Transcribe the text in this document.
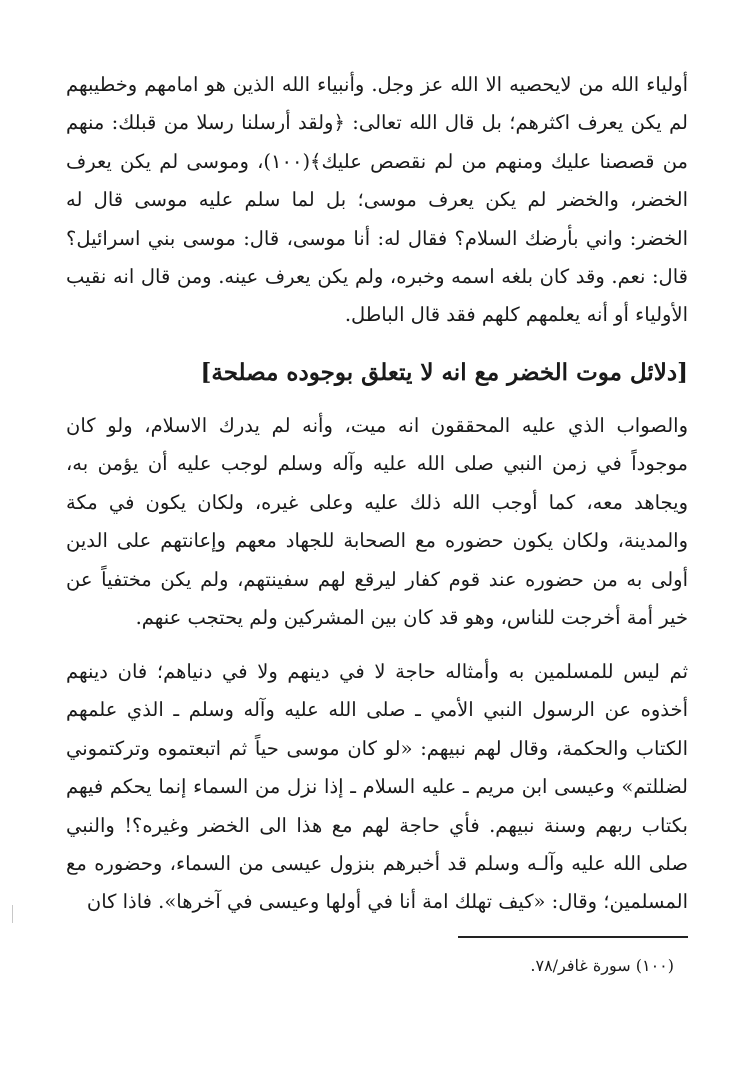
أولياء الله من لايحصيه الا الله عز وجل. وأنبياء الله الذين هو امامهم وخطيبهم لم يكن يعرف اكثرهم؛ بل قال الله تعالى: ﴿ولقد أرسلنا رسلا من قبلك: منهم من قصصنا عليك ومنهم من لم نقصص عليك﴾(١٠٠)، وموسى لم يكن يعرف الخضر، والخضر لم يكن يعرف موسى؛ بل لما سلم عليه موسى قال له الخضر: واني بأرضك السلام؟ فقال له: أنا موسى، قال: موسى بني اسرائيل؟ قال: نعم. وقد كان بلغه اسمه وخبره، ولم يكن يعرف عينه. ومن قال انه نقيب الأولياء أو أنه يعلمهم كلهم فقد قال الباطل.

[دلائل موت الخضر مع انه لا يتعلق بوجوده مصلحة]

والصواب الذي عليه المحققون انه ميت، وأنه لم يدرك الاسلام، ولو كان موجوداً في زمن النبي صلى الله عليه وآله وسلم لوجب عليه أن يؤمن به، ويجاهد معه، كما أوجب الله ذلك عليه وعلى غيره، ولكان يكون في مكة والمدينة، ولكان يكون حضوره مع الصحابة للجهاد معهم وإعانتهم على الدين أولى به من حضوره عند قوم كفار ليرقع لهم سفينتهم، ولم يكن مختفياً عن خير أمة أخرجت للناس، وهو قد كان بين المشركين ولم يحتجب عنهم.

ثم ليس للمسلمين به وأمثاله حاجة لا في دينهم ولا في دنياهم؛ فان دينهم أخذوه عن الرسول النبي الأمي ـ صلى الله عليه وآله وسلم ـ الذي علمهم الكتاب والحكمة، وقال لهم نبيهم: «لو كان موسى حياً ثم اتبعتموه وتركتموني لضللتم» وعيسى ابن مريم ـ عليه السلام ـ إذا نزل من السماء إنما يحكم فيهم بكتاب ربهم وسنة نبيهم. فأي حاجة لهم مع هذا الى الخضر وغيره؟! والنبي صلى الله عليه وآلـه وسلم قد أخبرهم بنزول عيسى من السماء، وحضوره مع المسلمين؛ وقال: «كيف تهلك امة أنا في أولها وعيسى في آخرها». فاذا كان

(١٠٠) سورة غافر/٧٨.
